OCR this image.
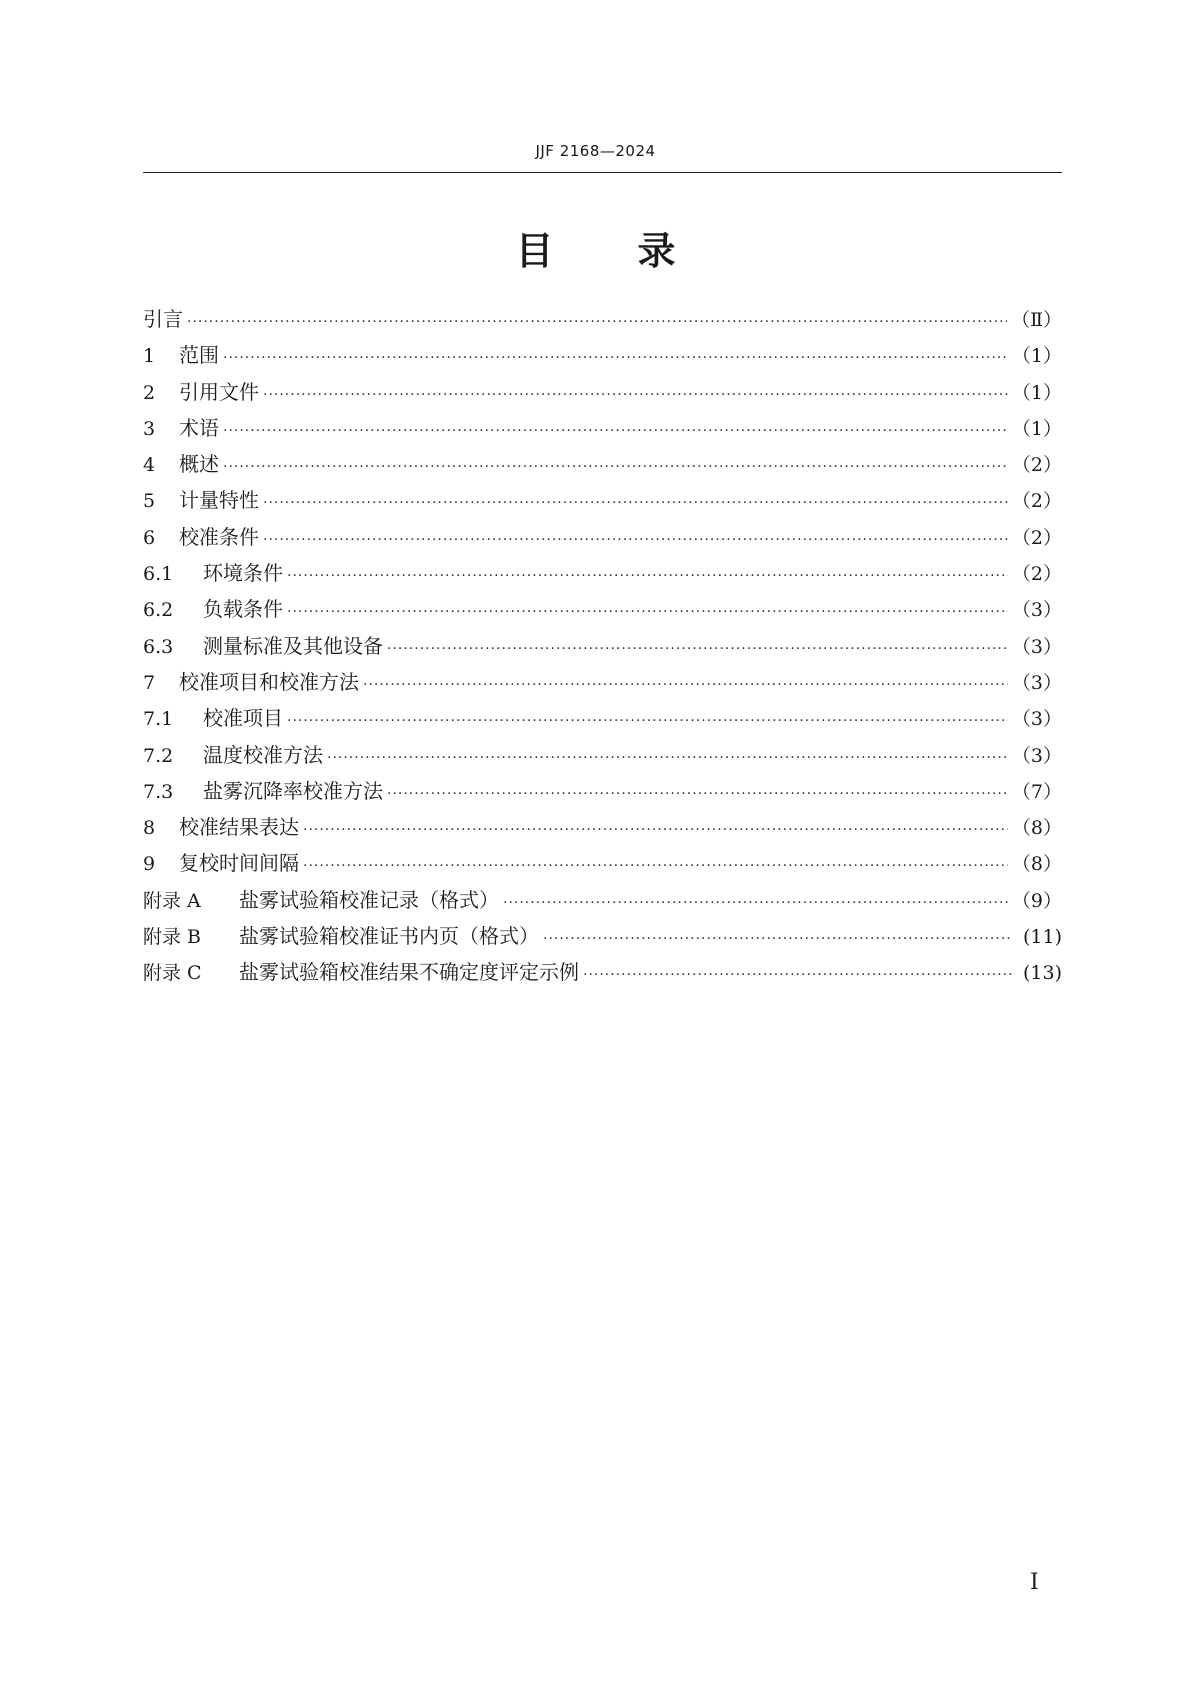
JJF 2168—2024
目 录
引言 ·····	（Ⅱ）
1	范围 ·····	（1）
2	引用文件 ·····	（1）
3	术语 ·····	（1）
4	概述 ·····	（2）
5	计量特性 ·····	（2）
6	校准条件 ·····	（2）
6.1	环境条件 ·····	（2）
6.2	负载条件 ·····	（3）
6.3	测量标准及其他设备 ·····	（3）
7	校准项目和校准方法 ·····	（3）
7.1	校准项目 ·····	（3）
7.2	温度校准方法 ·····	（3）
7.3	盐雾沉降率校准方法 ·····	（7）
8	校准结果表达 ·····	（8）
9	复校时间间隔 ·····	（8）
附录 A	盐雾试验箱校准记录（格式） ·····	（9）
附录 B	盐雾试验箱校准证书内页（格式） ·····	(11)
附录 C	盐雾试验箱校准结果不确定度评定示例 ·····	(13)
Ⅰ
